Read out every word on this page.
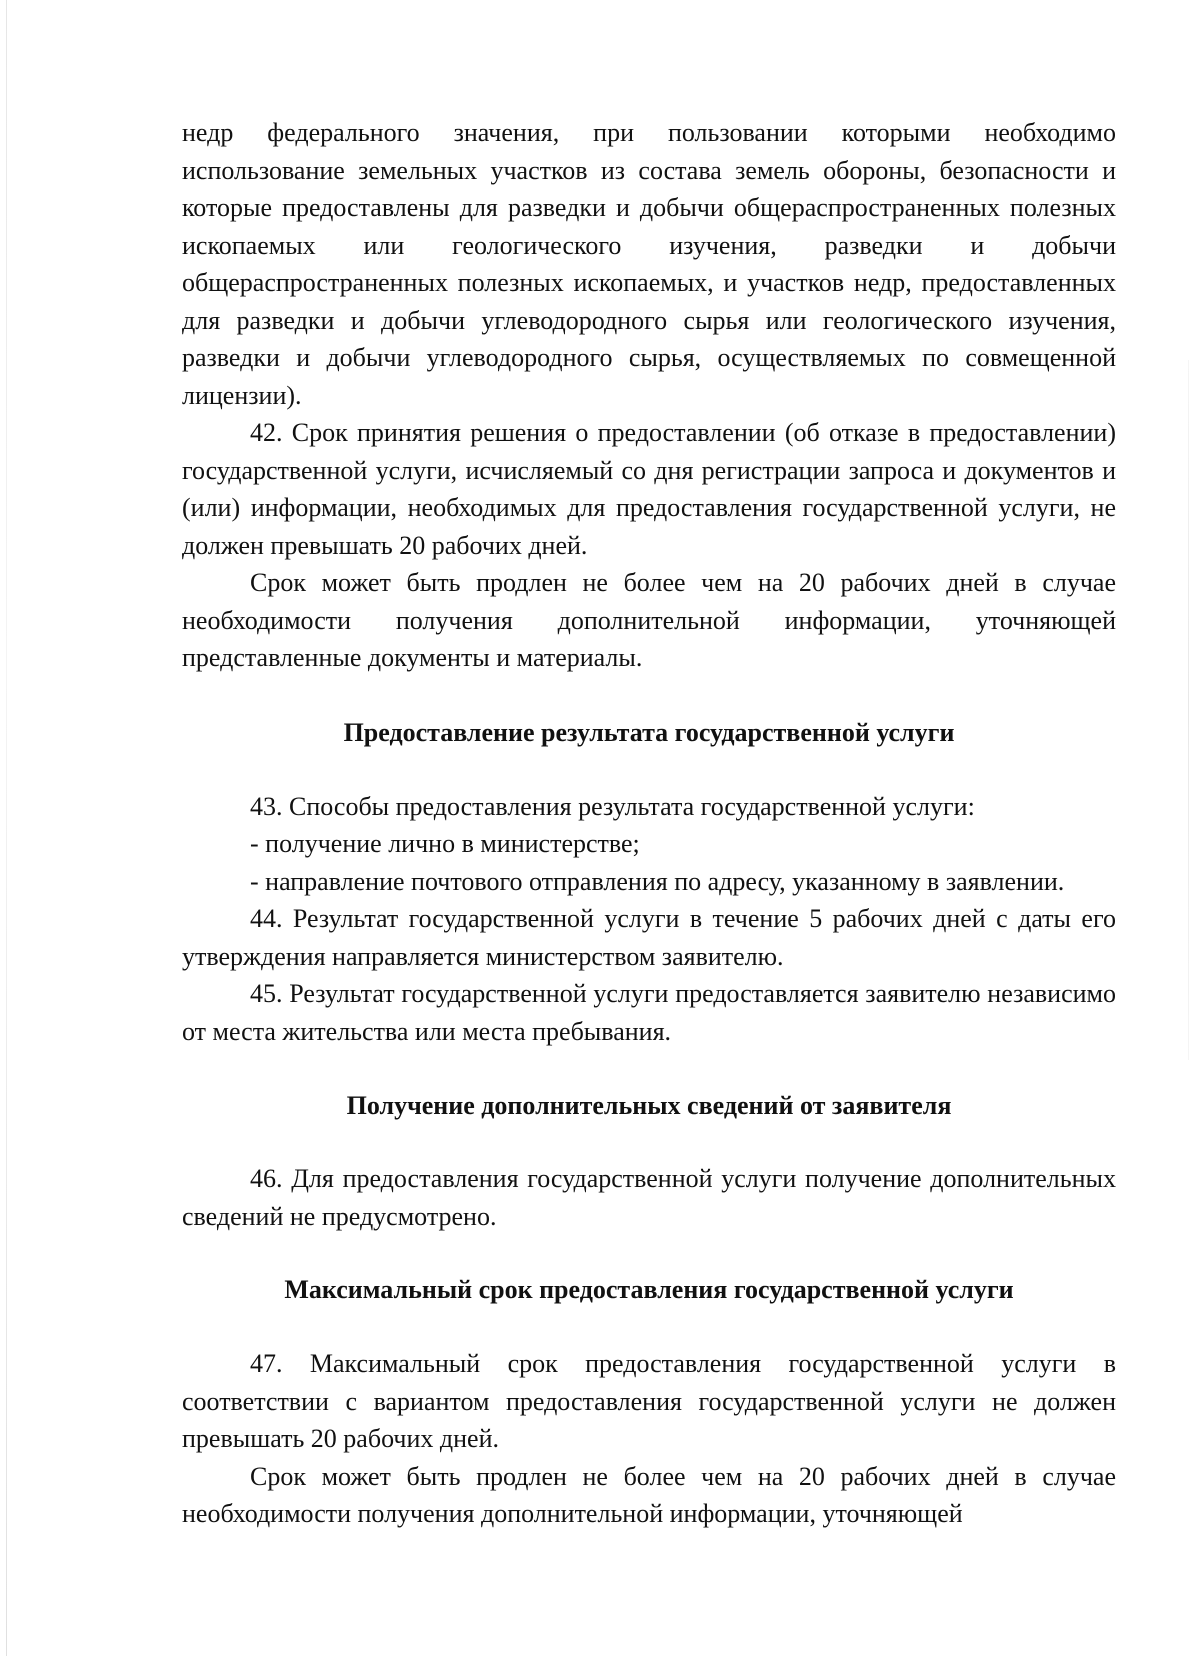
недр федерального значения, при пользовании которыми необходимо использование земельных участков из состава земель обороны, безопасности и которые предоставлены для разведки и добычи общераспространенных полезных ископаемых или геологического изучения, разведки и добычи общераспространенных полезных ископаемых, и участков недр, предоставленных для разведки и добычи углеводородного сырья или геологического изучения, разведки и добычи углеводородного сырья, осуществляемых по совмещенной лицензии).

42. Срок принятия решения о предоставлении (об отказе в предоставлении) государственной услуги, исчисляемый со дня регистрации запроса и документов и (или) информации, необходимых для предоставления государственной услуги, не должен превышать 20 рабочих дней.

Срок может быть продлен не более чем на 20 рабочих дней в случае необходимости получения дополнительной информации, уточняющей представленные документы и материалы.

Предоставление результата государственной услуги

43. Способы предоставления результата государственной услуги:

- получение лично в министерстве;

- направление почтового отправления по адресу, указанному в заявлении.

44. Результат государственной услуги в течение 5 рабочих дней с даты его утверждения направляется министерством заявителю.

45. Результат государственной услуги предоставляется заявителю независимо от места жительства или места пребывания.

Получение дополнительных сведений от заявителя

46. Для предоставления государственной услуги получение дополнительных сведений не предусмотрено.

Максимальный срок предоставления государственной услуги

47. Максимальный срок предоставления государственной услуги в соответствии с вариантом предоставления государственной услуги не должен превышать 20 рабочих дней.

Срок может быть продлен не более чем на 20 рабочих дней в случае необходимости получения дополнительной информации, уточняющей
